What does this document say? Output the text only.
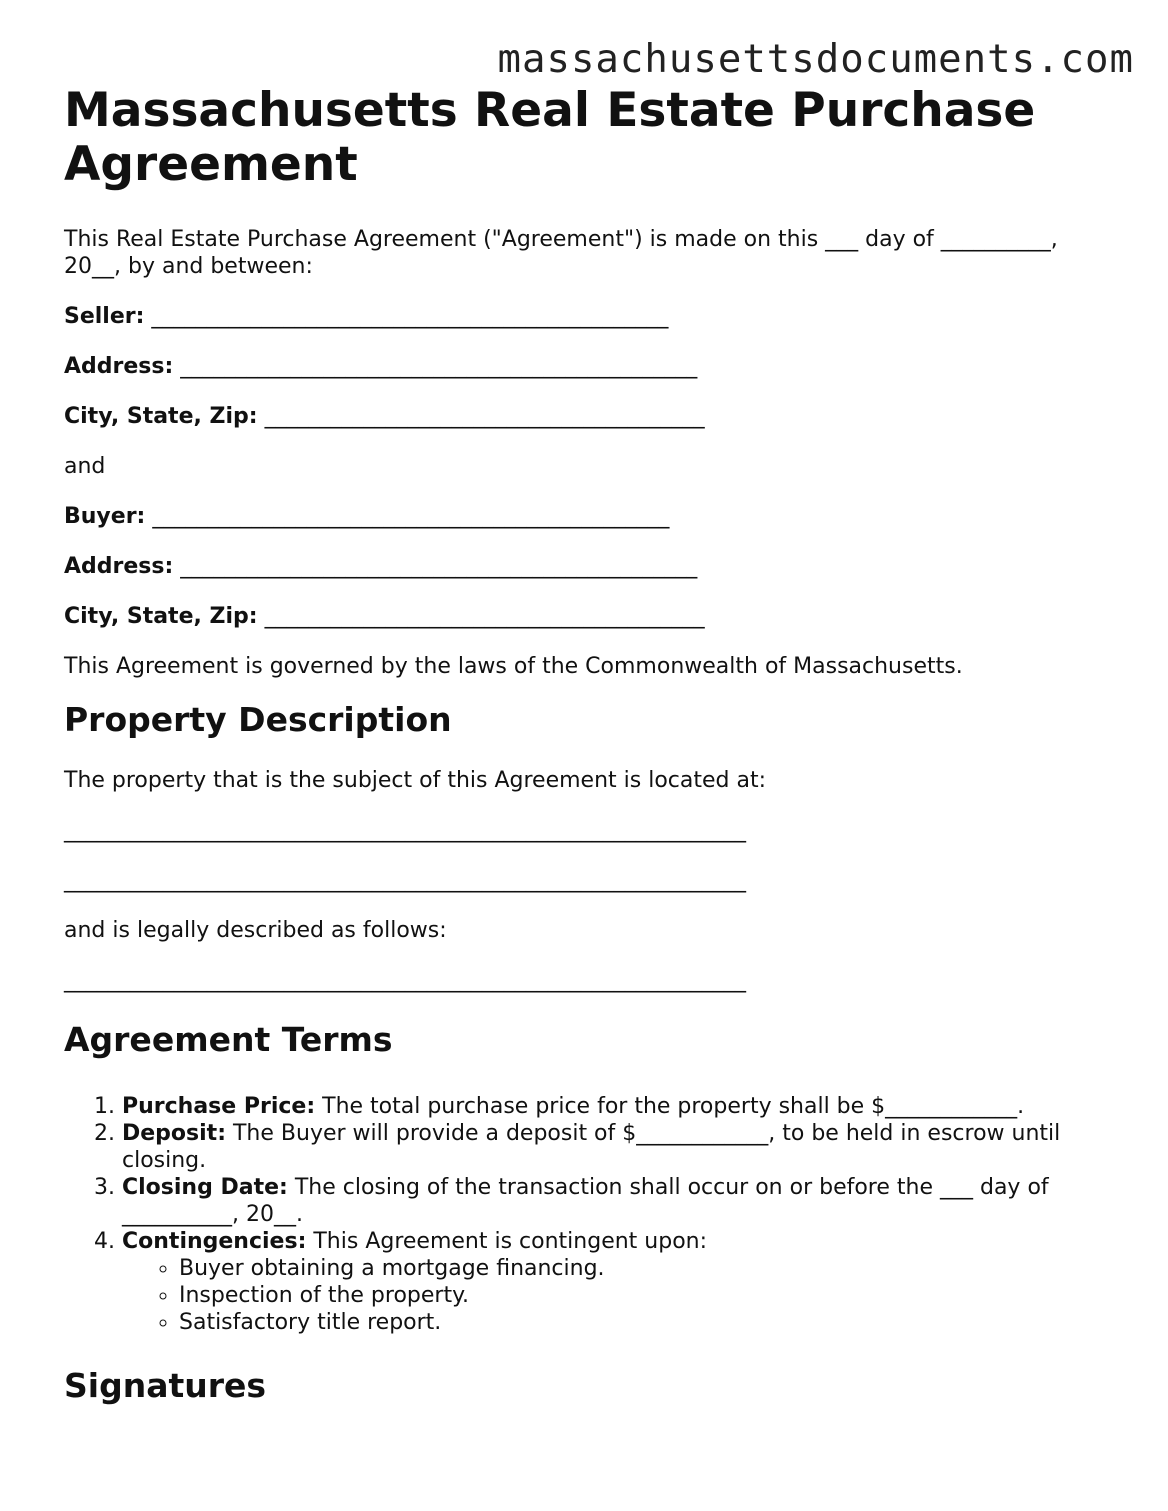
massachusettsdocuments.com
Massachusetts Real Estate Purchase Agreement

This Real Estate Purchase Agreement ("Agreement") is made on this ___ day of __________, 20__, by and between:

Seller: _______________________________________________

Address: _______________________________________________

City, State, Zip: ________________________________________

and

Buyer: _______________________________________________

Address: _______________________________________________

City, State, Zip: ________________________________________

This Agreement is governed by the laws of the Commonwealth of Massachusetts.

Property Description

The property that is the subject of this Agreement is located at:

______________________________________________________________

______________________________________________________________

and is legally described as follows:

______________________________________________________________

Agreement Terms
1. Purchase Price: The total purchase price for the property shall be $____________.
2. Deposit: The Buyer will provide a deposit of $____________, to be held in escrow until closing.
3. Closing Date: The closing of the transaction shall occur on or before the ___ day of __________, 20__.
4. Contingencies: This Agreement is contingent upon:
◦ Buyer obtaining a mortgage financing.
◦ Inspection of the property.
◦ Satisfactory title report.
Signatures
